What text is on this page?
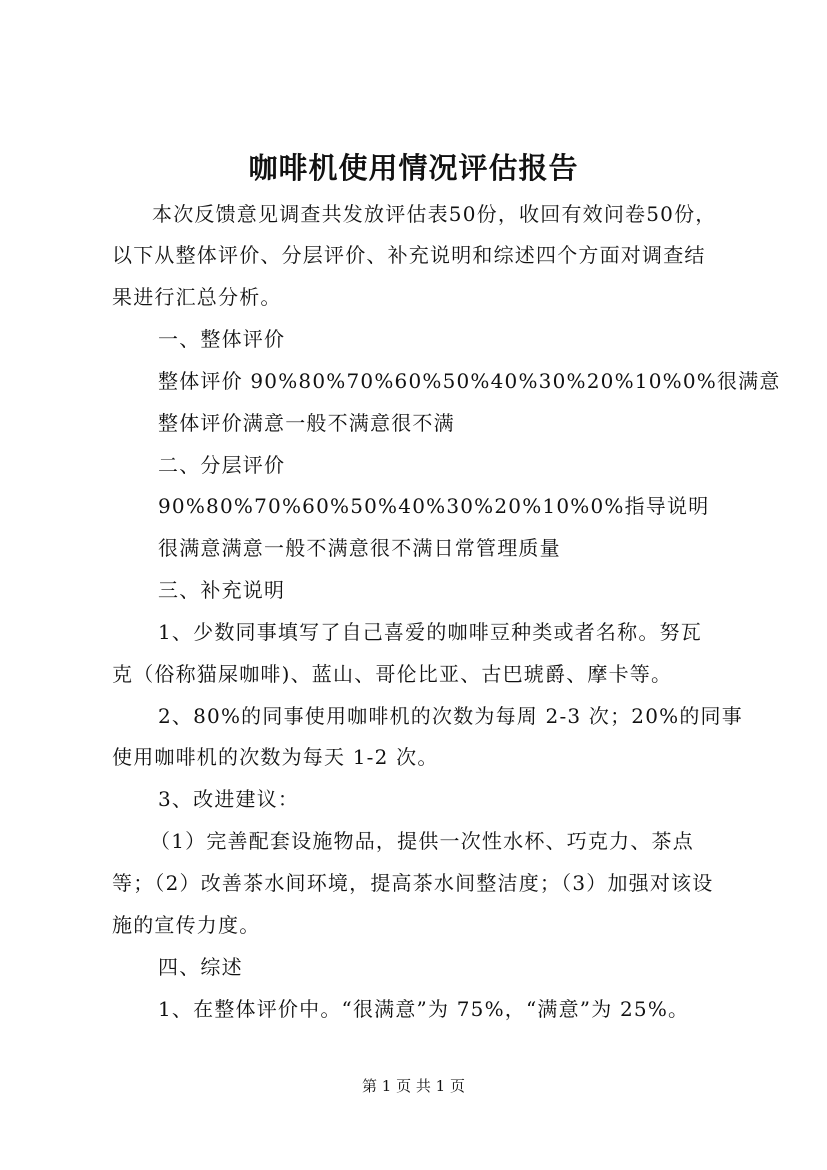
咖啡机使用情况评估报告
本次反馈意见调查共发放评估表50份，收回有效问卷50份，
以下从整体评价、分层评价、补充说明和综述四个方面对调查结
果进行汇总分析。
一、整体评价
整体评价 90%80%70%60%50%40%30%20%10%0%很满意
整体评价满意一般不满意很不满
二、分层评价
90%80%70%60%50%40%30%20%10%0%指导说明
很满意满意一般不满意很不满日常管理质量
三、补充说明
1、少数同事填写了自己喜爱的咖啡豆种类或者名称。努瓦
克（俗称猫屎咖啡)、蓝山、哥伦比亚、古巴琥爵、摩卡等。
2、80%的同事使用咖啡机的次数为每周 2-3 次；20%的同事
使用咖啡机的次数为每天 1-2 次。
3、改进建议：
（1）完善配套设施物品，提供一次性水杯、巧克力、茶点
等；（2）改善茶水间环境，提高茶水间整洁度；（3）加强对该设
施的宣传力度。
四、综述
1、在整体评价中。“很满意”为 75%，“满意”为 25%。
第 1 页 共 1 页
